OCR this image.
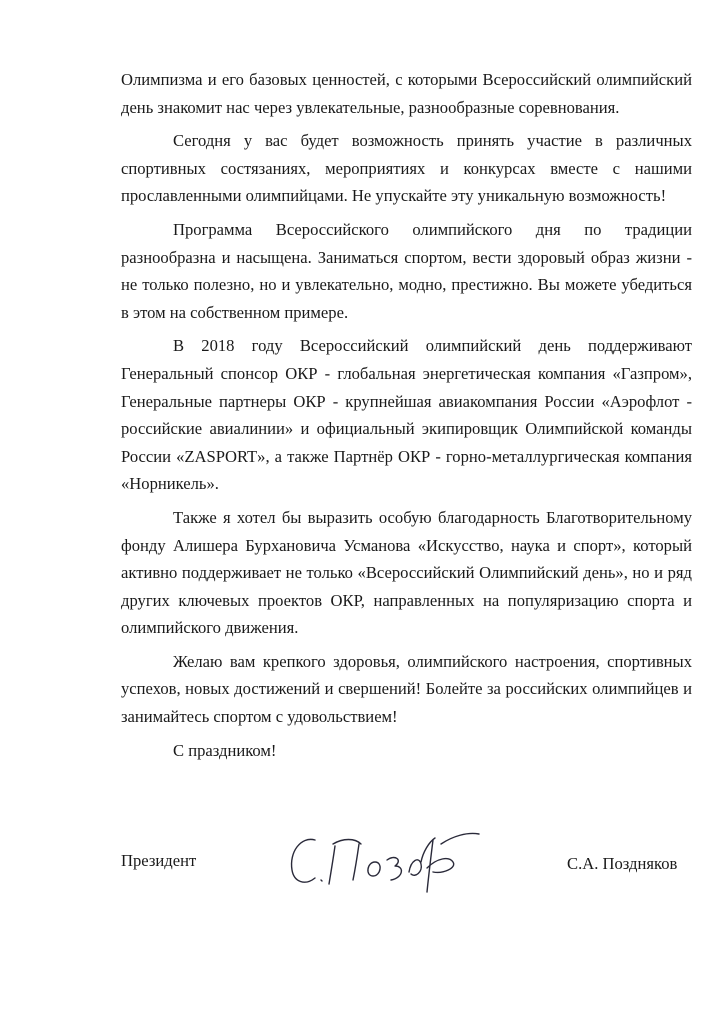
Олимпизма и его базовых ценностей, с которыми Всероссийский олимпийский день знакомит нас через увлекательные, разнообразные соревнования.

Сегодня у вас будет возможность принять участие в различных спортивных состязаниях, мероприятиях и конкурсах вместе с нашими прославленными олимпийцами. Не упускайте эту уникальную возможность!

Программа Всероссийского олимпийского дня по традиции разнообразна и насыщена. Заниматься спортом, вести здоровый образ жизни - не только полезно, но и увлекательно, модно, престижно. Вы можете убедиться в этом на собственном примере.

В 2018 году Всероссийский олимпийский день поддерживают Генеральный спонсор ОКР - глобальная энергетическая компания «Газпром», Генеральные партнеры ОКР - крупнейшая авиакомпания России «Аэрофлот - российские авиалинии» и официальный экипировщик Олимпийской команды России «ZASPORT», а также Партнёр ОКР - горно-металлургическая компания «Норникель».

Также я хотел бы выразить особую благодарность Благотворительному фонду Алишера Бурхановича Усманова «Искусство, наука и спорт», который активно поддерживает не только «Всероссийский Олимпийский день», но и ряд других ключевых проектов ОКР, направленных на популяризацию спорта и олимпийского движения.

Желаю вам крепкого здоровья, олимпийского настроения, спортивных успехов, новых достижений и свершений! Болейте за российских олимпийцев и занимайтесь спортом с удовольствием!

С праздником!

Президент	С.А. Поздняков
